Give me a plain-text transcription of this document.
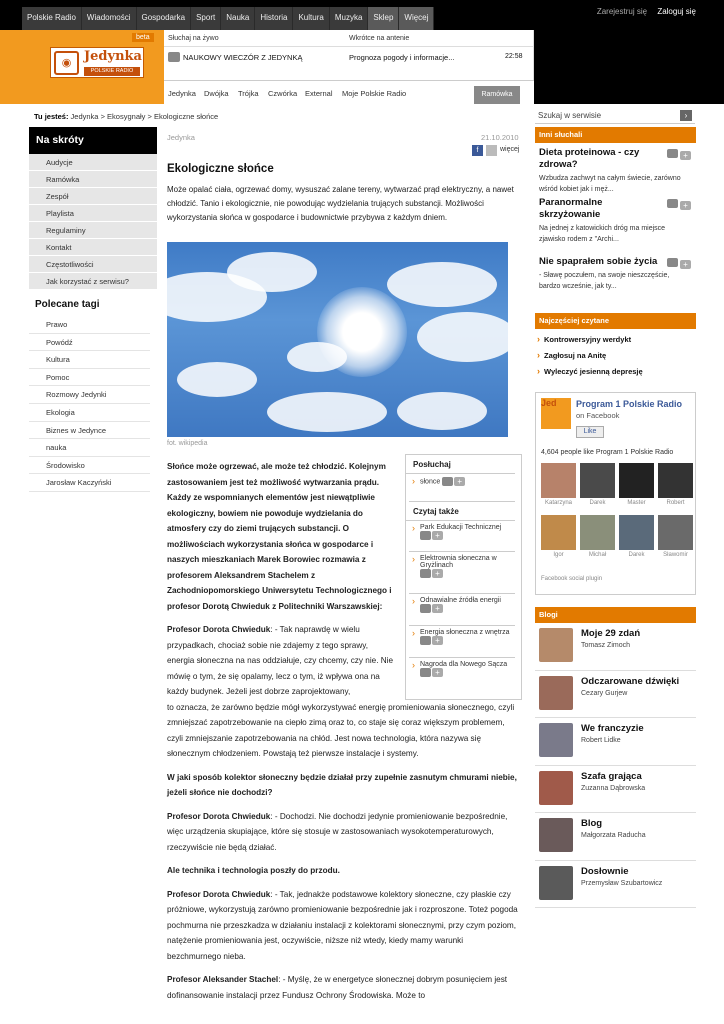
Polskie Radio	Wiadomości	Gospodarka	Sport	Nauka	Historia	Kultura	Muzyka	Sklep	Więcej
Zarejestruj się Zaloguj się
beta
◉ Jedynka
POLSKIE RADIO
Słuchaj na żywo	Wkrótce na antenie
NAUKOWY WIECZÓR Z JEDYNKĄ	Prognoza pogody i informacje...	22:58
Jedynka Dwójka Trójka Czwórka External Moje Polskie Radio	Ramówka
Tu jesteś: Jedynka > Ekosygnały > Ekologiczne słońce	Szukaj w serwisie	›
Na skróty
Audycje
Ramówka
Zespół
Playlista
Regulaminy
Kontakt
Częstotliwości
Jak korzystać z serwisu?
Polecane tagi
Prawo
Powódź
Kultura
Pomoc
Rozmowy Jedynki
Ekologia
Biznes w Jedynce
nauka
Środowisko
Jarosław Kaczyński
Jedynka	21.10.2010
f	więcej
Ekologiczne słońce
Może opalać ciała, ogrzewać domy, wysuszać zalane tereny, wytwarzać prąd elektryczny, a nawet chłodzić. Tanio i ekologicznie, nie powodując wydzielania trujących substancji. Możliwości wykorzystania słońca w gospodarce i budownictwie przybywa z każdym dniem.
fot. wikipedia

Słońce może ogrzewać, ale może też chłodzić. Kolejnym zastosowaniem jest też możliwość wytwarzania prądu. Każdy ze wspomnianych elementów jest niewątpliwie ekologiczny, bowiem nie powoduje wydzielania do atmosfery czy do ziemi trujących substancji. O możliwościach wykorzystania słońca w gospodarce i naszych mieszkaniach Marek Borowiec rozmawia z profesorem Aleksandrem Stachelem z Zachodniopomorskiego Uniwersytetu Technologicznego i profesor Dorotą Chwieduk z Politechniki Warszawskiej:

Profesor Dorota Chwieduk: - Tak naprawdę w wielu przypadkach, chociaż sobie nie zdajemy z tego sprawy, energia słoneczna na nas oddziałuje, czy chcemy, czy nie. Nie mówię o tym, że się opalamy, lecz o tym, iż wpływa ona na każdy budynek. Jeżeli jest dobrze zaprojektowany,

to oznacza, że zarówno będzie mógł wykorzystywać energię promieniowania słonecznego, czyli zmniejszać zapotrzebowanie na ciepło zimą oraz to, co staje się coraz większym problemem, czyli zmniejszanie zapotrzebowania na chłód. Jest nowa technologia, która nazywa się słonecznym chłodzeniem. Powstają też pierwsze instalacje i systemy.

W jaki sposób kolektor słoneczny będzie działał przy zupełnie zasnutym chmurami niebie, jeżeli słońce nie dochodzi?

Profesor Dorota Chwieduk: - Dochodzi. Nie dochodzi jedynie promieniowanie bezpośrednie, więc urządzenia skupiające, które się stosuje w zastosowaniach wysokotemperaturowych, rzeczywiście nie będą działać.

Ale technika i technologia poszły do przodu.

Profesor Dorota Chwieduk: - Tak, jednakże podstawowe kolektory słoneczne, czy płaskie czy próżniowe, wykorzystują zarówno promieniowanie bezpośrednie jak i rozproszone. Toteż pogoda pochmurna nie przeszkadza w działaniu instalacji z kolektorami słonecznymi, przy czym poziom, natężenie promieniowania jest, oczywiście, niższe niż wtedy, kiedy mamy warunki bezchmurnego nieba.

Profesor Aleksander Stachel: - Myślę, że w energetyce słonecznej dobrym posunięciem jest dofinansowanie instalacji przez Fundusz Ochrony Środowiska. Może to

Posłuchaj
› słonce +
Czytaj także
› Park Edukacji Technicznej
+
› Elektrownia słoneczna w Gryżlinach
+
› Odnawialne źródła energii
+
› Energia słoneczna z wnętrza
+
› Nagroda dla Nowego Sącza
+
Inni słuchali
Dieta proteinowa - czy zdrowa?
Wzbudza zachwyt na całym świecie, zarówno wśród kobiet jak i męż...
+
Paranormalne skrzyżowanie
Na jednej z katowickich dróg ma miejsce zjawisko rodem z "Archi...
+
Nie spaprałem sobie życia
- Sławę poczułem, na swoje nieszczęście, bardzo wcześnie, jak ty...
+
Najczęściej czytane
› Kontrowersyjny werdykt
› Zagłosuj na Anitę
› Wyleczyć jesienną depresję
Jed	Program 1 Polskie Radio on Facebook
Like
4,604 people like Program 1 Polskie Radio
Katarzyna	Darek	Master	Robert
Igor	Michał	Darek	Sławomir
Facebook social plugin
Blogi
Moje 29 zdań
Tomasz Zimoch
Odczarowane dźwięki
Cezary Gurjew
We franczyzie
Robert Lidke
Szafa grająca
Zuzanna Dąbrowska
Blog
Małgorzata Raducha
Dosłownie
Przemysław Szubartowicz
